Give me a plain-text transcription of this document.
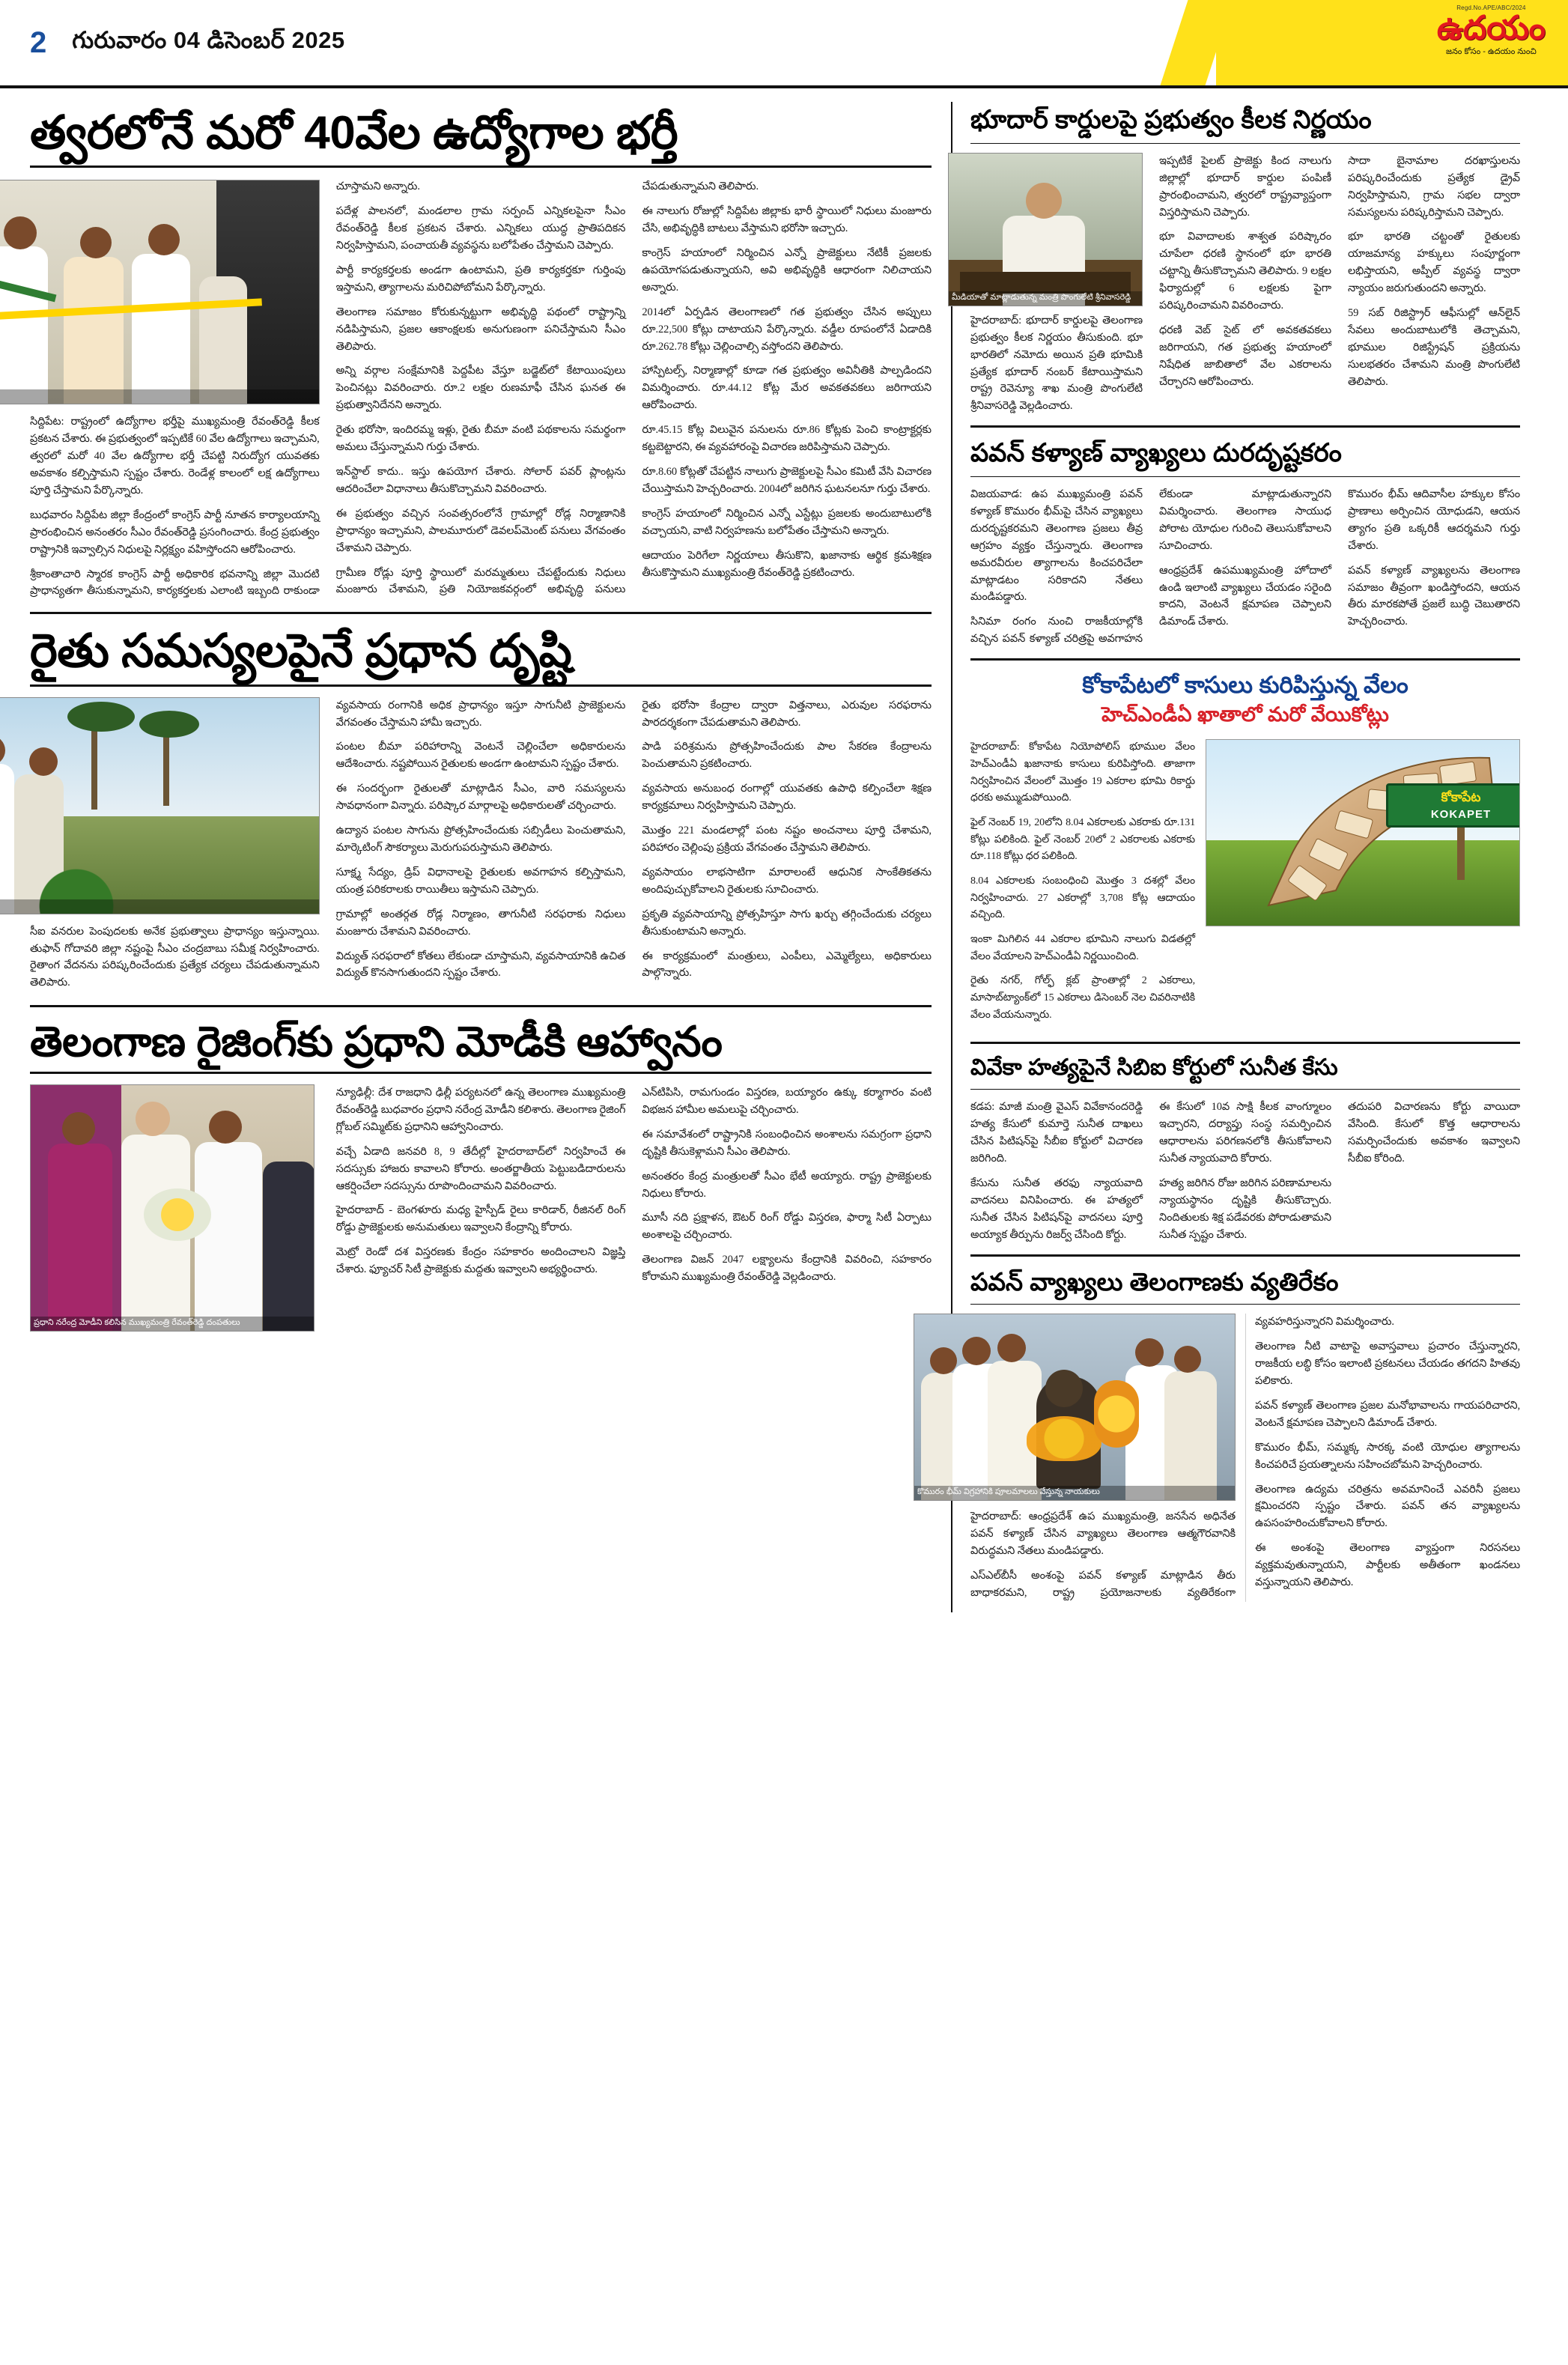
2 గురువారం 04 డిసెంబర్ 2025
Regd.No.APE/ABC/2024
ఉదయం
జనం కోసం - ఉదయం నుంచి
త్వరలోనే మరో 40వేల ఉద్యోగాల భర్తీ

సిద్దిపేట: రాష్ట్రంలో ఉద్యోగాల భర్తీపై ముఖ్యమంత్రి రేవంత్‌రెడ్డి కీలక ప్రకటన చేశారు. ఈ ప్రభుత్వంలో ఇప్పటికే 60 వేల ఉద్యోగాలు ఇచ్చామని, త్వరలో మరో 40 వేల ఉద్యోగాల భర్తీ చేపట్టి నిరుద్యోగ యువతకు అవకాశం కల్పిస్తామని స్పష్టం చేశారు. రెండేళ్ల కాలంలో లక్ష ఉద్యోగాలు పూర్తి చేస్తామని పేర్కొన్నారు.

బుధవారం సిద్దిపేట జిల్లా కేంద్రంలో కాంగ్రెస్ పార్టీ నూతన కార్యాలయాన్ని ప్రారంభించిన అనంతరం సీఎం రేవంత్‌రెడ్డి ప్రసంగించారు. కేంద్ర ప్రభుత్వం రాష్ట్రానికి ఇవ్వాల్సిన నిధులపై నిర్లక్ష్యం వహిస్తోందని ఆరోపించారు.

శ్రీకాంతాచారి స్మారక కాంగ్రెస్ పార్టీ అధికారిక భవనాన్ని జిల్లా మొదటి ప్రాధాన్యతగా తీసుకున్నామని, కార్యకర్తలకు ఎలాంటి ఇబ్బంది రాకుండా చూస్తామని అన్నారు.

పదేళ్ల పాలనలో, మండలాల గ్రామ సర్పంచ్ ఎన్నికలపైనా సీఎం రేవంత్‌రెడ్డి కీలక ప్రకటన చేశారు. ఎన్నికలు యుద్ధ ప్రాతిపదికన నిర్వహిస్తామని, పంచాయతీ వ్యవస్థను బలోపేతం చేస్తామని చెప్పారు.

పార్టీ కార్యకర్తలకు అండగా ఉంటామని, ప్రతి కార్యకర్తకూ గుర్తింపు ఇస్తామని, త్యాగాలను మరిచిపోబోమని పేర్కొన్నారు.

తెలంగాణ సమాజం కోరుకున్నట్టుగా అభివృద్ధి పథంలో రాష్ట్రాన్ని నడిపిస్తామని, ప్రజల ఆకాంక్షలకు అనుగుణంగా పనిచేస్తామని సీఎం తెలిపారు.

అన్ని వర్గాల సంక్షేమానికి పెద్దపీట వేస్తూ బడ్జెట్‌లో కేటాయింపులు పెంచినట్లు వివరించారు. రూ.2 లక్షల రుణమాఫీ చేసిన ఘనత ఈ ప్రభుత్వానిదేనని అన్నారు.

రైతు భరోసా, ఇందిరమ్మ ఇళ్లు, రైతు బీమా వంటి పథకాలను సమర్థంగా అమలు చేస్తున్నామని గుర్తు చేశారు.

ఇన్‌స్టాల్ కాదు.. ఇస్తు ఉపయోగ చేశారు. సోలార్ పవర్ ప్లాంట్లను ఆదరించేలా విధానాలు తీసుకొచ్చామని వివరించారు.

ఈ ప్రభుత్వం వచ్చిన సంవత్సరంలోనే గ్రామాల్లో రోడ్ల నిర్మాణానికి ప్రాధాన్యం ఇచ్చామని, పాలమూరులో డెవలప్‌మెంట్ పనులు వేగవంతం చేశామని చెప్పారు.

గ్రామీణ రోడ్లు పూర్తి స్థాయిలో మరమ్మతులు చేపట్టేందుకు నిధులు మంజూరు చేశామని, ప్రతి నియోజకవర్గంలో అభివృద్ధి పనులు చేపడుతున్నామని తెలిపారు.

ఈ నాలుగు రోజుల్లో సిద్దిపేట జిల్లాకు భారీ స్థాయిలో నిధులు మంజూరు చేసి, అభివృద్ధికి బాటలు వేస్తామని భరోసా ఇచ్చారు.

కాంగ్రెస్ హయాంలో నిర్మించిన ఎన్నో ప్రాజెక్టులు నేటికీ ప్రజలకు ఉపయోగపడుతున్నాయని, అవి అభివృద్ధికి ఆధారంగా నిలిచాయని అన్నారు.

2014లో ఏర్పడిన తెలంగాణలో గత ప్రభుత్వం చేసిన అప్పులు రూ.22,500 కోట్లు దాటాయని పేర్కొన్నారు. వడ్డీల రూపంలోనే ఏడాదికి రూ.262.78 కోట్లు చెల్లించాల్సి వస్తోందని తెలిపారు.

హాస్పిటల్స్, నిర్మాణాల్లో కూడా గత ప్రభుత్వం అవినీతికి పాల్పడిందని విమర్శించారు. రూ.44.12 కోట్ల మేర అవకతవకలు జరిగాయని ఆరోపించారు.

రూ.45.15 కోట్ల విలువైన పనులను రూ.86 కోట్లకు పెంచి కాంట్రాక్టర్లకు కట్టబెట్టారని, ఈ వ్యవహారంపై విచారణ జరిపిస్తామని చెప్పారు.

రూ.8.60 కోట్లతో చేపట్టిన నాలుగు ప్రాజెక్టులపై సీఎం కమిటీ వేసి విచారణ చేయిస్తామని హెచ్చరించారు. 2004లో జరిగిన ఘటనలనూ గుర్తు చేశారు.

కాంగ్రెస్ హయాంలో నిర్మించిన ఎన్నో ఎస్టేట్లు ప్రజలకు అందుబాటులోకి వచ్చాయని, వాటి నిర్వహణను బలోపేతం చేస్తామని అన్నారు.

ఆదాయం పెరిగేలా నిర్ణయాలు తీసుకొని, ఖజానాకు ఆర్థిక క్రమశిక్షణ తీసుకొస్తామని ముఖ్యమంత్రి రేవంత్‌రెడ్డి ప్రకటించారు.

రైతు సమస్యలపైనే ప్రధాన దృష్టి

సీఐ వనరుల పెంపుదలకు అనేక ప్రభుత్వాలు ప్రాధాన్యం ఇస్తున్నాయి. తుఫాన్ గోదావరి జిల్లా నష్టంపై సీఎం చంద్రబాబు సమీక్ష నిర్వహించారు. రైతాంగ వేదనను పరిష్కరించేందుకు ప్రత్యేక చర్యలు చేపడుతున్నామని తెలిపారు.

వ్యవసాయ రంగానికి అధిక ప్రాధాన్యం ఇస్తూ సాగునీటి ప్రాజెక్టులను వేగవంతం చేస్తామని హామీ ఇచ్చారు.

పంటల బీమా పరిహారాన్ని వెంటనే చెల్లించేలా అధికారులను ఆదేశించారు. నష్టపోయిన రైతులకు అండగా ఉంటామని స్పష్టం చేశారు.

ఈ సందర్భంగా రైతులతో మాట్లాడిన సీఎం, వారి సమస్యలను సావధానంగా విన్నారు. పరిష్కార మార్గాలపై అధికారులతో చర్చించారు.

ఉద్యాన పంటల సాగును ప్రోత్సహించేందుకు సబ్సిడీలు పెంచుతామని, మార్కెటింగ్ సౌకర్యాలు మెరుగుపరుస్తామని తెలిపారు.

సూక్ష్మ సేద్యం, డ్రిప్ విధానాలపై రైతులకు అవగాహన కల్పిస్తామని, యంత్ర పరికరాలకు రాయితీలు ఇస్తామని చెప్పారు.

గ్రామాల్లో అంతర్గత రోడ్ల నిర్మాణం, తాగునీటి సరఫరాకు నిధులు మంజూరు చేశామని వివరించారు.

విద్యుత్ సరఫరాలో కోతలు లేకుండా చూస్తామని, వ్యవసాయానికి ఉచిత విద్యుత్ కొనసాగుతుందని స్పష్టం చేశారు.

రైతు భరోసా కేంద్రాల ద్వారా విత్తనాలు, ఎరువుల సరఫరాను పారదర్శకంగా చేపడుతామని తెలిపారు.

పాడి పరిశ్రమను ప్రోత్సహించేందుకు పాల సేకరణ కేంద్రాలను పెంచుతామని ప్రకటించారు.

వ్యవసాయ అనుబంధ రంగాల్లో యువతకు ఉపాధి కల్పించేలా శిక్షణ కార్యక్రమాలు నిర్వహిస్తామని చెప్పారు.

మొత్తం 221 మండలాల్లో పంట నష్టం అంచనాలు పూర్తి చేశామని, పరిహారం చెల్లింపు ప్రక్రియ వేగవంతం చేస్తామని తెలిపారు.

వ్యవసాయం లాభసాటిగా మారాలంటే ఆధునిక సాంకేతికతను అందిపుచ్చుకోవాలని రైతులకు సూచించారు.

ప్రకృతి వ్యవసాయాన్ని ప్రోత్సహిస్తూ సాగు ఖర్చు తగ్గించేందుకు చర్యలు తీసుకుంటామని అన్నారు.

ఈ కార్యక్రమంలో మంత్రులు, ఎంపీలు, ఎమ్మెల్యేలు, అధికారులు పాల్గొన్నారు.

తెలంగాణ రైజింగ్‌కు ప్రధాని మోడీకి ఆహ్వానం
ప్రధాని నరేంద్ర మోడీని కలిసిన ముఖ్యమంత్రి రేవంత్‌రెడ్డి దంపతులు

న్యూఢిల్లీ: దేశ రాజధాని ఢిల్లీ పర్యటనలో ఉన్న తెలంగాణ ముఖ్యమంత్రి రేవంత్‌రెడ్డి బుధవారం ప్రధాని నరేంద్ర మోడీని కలిశారు. తెలంగాణ రైజింగ్ గ్లోబల్ సమ్మిట్‌కు ప్రధానిని ఆహ్వానించారు.

వచ్చే ఏడాది జనవరి 8, 9 తేదీల్లో హైదరాబాద్‌లో నిర్వహించే ఈ సదస్సుకు హాజరు కావాలని కోరారు. అంతర్జాతీయ పెట్టుబడిదారులను ఆకర్షించేలా సదస్సును రూపొందించామని వివరించారు.

హైదరాబాద్ - బెంగళూరు మధ్య హైస్పీడ్ రైలు కారిడార్, రీజినల్ రింగ్ రోడ్డు ప్రాజెక్టులకు అనుమతులు ఇవ్వాలని కేంద్రాన్ని కోరారు.

మెట్రో రెండో దశ విస్తరణకు కేంద్రం సహకారం అందించాలని విజ్ఞప్తి చేశారు. ఫ్యూచర్ సిటీ ప్రాజెక్టుకు మద్దతు ఇవ్వాలని అభ్యర్థించారు.

ఎన్‌టిపిసి, రామగుండం విస్తరణ, బయ్యారం ఉక్కు కర్మాగారం వంటి విభజన హామీల అమలుపై చర్చించారు.

ఈ సమావేశంలో రాష్ట్రానికి సంబంధించిన అంశాలను సమగ్రంగా ప్రధాని దృష్టికి తీసుకెళ్లామని సీఎం తెలిపారు.

అనంతరం కేంద్ర మంత్రులతో సీఎం భేటీ అయ్యారు. రాష్ట్ర ప్రాజెక్టులకు నిధులు కోరారు.

మూసీ నది ప్రక్షాళన, ఔటర్ రింగ్ రోడ్డు విస్తరణ, ఫార్మా సిటీ ఏర్పాటు అంశాలపై చర్చించారు.

తెలంగాణ విజన్ 2047 లక్ష్యాలను కేంద్రానికి వివరించి, సహకారం కోరామని ముఖ్యమంత్రి రేవంత్‌రెడ్డి వెల్లడించారు.

భూదార్ కార్డులపై ప్రభుత్వం కీలక నిర్ణయం
మీడియాతో మాట్లాడుతున్న మంత్రి పొంగులేటి శ్రీనివాసరెడ్డి

హైదరాబాద్: భూదార్ కార్డులపై తెలంగాణ ప్రభుత్వం కీలక నిర్ణయం తీసుకుంది. భూ భారతిలో నమోదు అయిన ప్రతి భూమికి ప్రత్యేక భూదార్ నంబర్ కేటాయిస్తామని రాష్ట్ర రెవెన్యూ శాఖ మంత్రి పొంగులేటి శ్రీనివాసరెడ్డి వెల్లడించారు.

ఇప్పటికే పైలట్ ప్రాజెక్టు కింద నాలుగు జిల్లాల్లో భూదార్ కార్డుల పంపిణీ ప్రారంభించామని, త్వరలో రాష్ట్రవ్యాప్తంగా విస్తరిస్తామని చెప్పారు.

భూ వివాదాలకు శాశ్వత పరిష్కారం చూపేలా ధరణి స్థానంలో భూ భారతి చట్టాన్ని తీసుకొచ్చామని తెలిపారు. 9 లక్షల ఫిర్యాదుల్లో 6 లక్షలకు పైగా పరిష్కరించామని వివరించారు.

ధరణి వెబ్ సైట్ లో అవకతవకలు జరిగాయని, గత ప్రభుత్వ హయాంలో నిషేధిత జాబితాలో వేల ఎకరాలను చేర్చారని ఆరోపించారు.

సాదా బైనామాల దరఖాస్తులను పరిష్కరించేందుకు ప్రత్యేక డ్రైవ్ నిర్వహిస్తామని, గ్రామ సభల ద్వారా సమస్యలను పరిష్కరిస్తామని చెప్పారు.

భూ భారతి చట్టంతో రైతులకు యాజమాన్య హక్కులు సంపూర్ణంగా లభిస్తాయని, అప్పీల్ వ్యవస్థ ద్వారా న్యాయం జరుగుతుందని అన్నారు.

59 సబ్ రిజిస్ట్రార్ ఆఫీసుల్లో ఆన్‌లైన్ సేవలు అందుబాటులోకి తెచ్చామని, భూముల రిజిస్ట్రేషన్ ప్రక్రియను సులభతరం చేశామని మంత్రి పొంగులేటి తెలిపారు.

పవన్ కళ్యాణ్ వ్యాఖ్యలు దురదృష్టకరం

విజయవాడ: ఉప ముఖ్యమంత్రి పవన్ కళ్యాణ్ కొమురం భీమ్‌పై చేసిన వ్యాఖ్యలు దురదృష్టకరమని తెలంగాణ ప్రజలు తీవ్ర ఆగ్రహం వ్యక్తం చేస్తున్నారు. తెలంగాణ అమరవీరుల త్యాగాలను కించపరిచేలా మాట్లాడటం సరికాదని నేతలు మండిపడ్డారు.

సినిమా రంగం నుంచి రాజకీయాల్లోకి వచ్చిన పవన్ కళ్యాణ్ చరిత్రపై అవగాహన లేకుండా మాట్లాడుతున్నారని విమర్శించారు. తెలంగాణ సాయుధ పోరాట యోధుల గురించి తెలుసుకోవాలని సూచించారు.

ఆంధ్రప్రదేశ్ ఉపముఖ్యమంత్రి హోదాలో ఉండి ఇలాంటి వ్యాఖ్యలు చేయడం సరైంది కాదని, వెంటనే క్షమాపణ చెప్పాలని డిమాండ్ చేశారు.

కొమురం భీమ్ ఆదివాసీల హక్కుల కోసం ప్రాణాలు అర్పించిన యోధుడని, ఆయన త్యాగం ప్రతి ఒక్కరికీ ఆదర్శమని గుర్తు చేశారు.

పవన్ కళ్యాణ్ వ్యాఖ్యలను తెలంగాణ సమాజం తీవ్రంగా ఖండిస్తోందని, ఆయన తీరు మారకపోతే ప్రజలే బుద్ధి చెబుతారని హెచ్చరించారు.

కోకాపేటలో కాసులు కురిపిస్తున్న వేలం
హెచ్ఎండీఏ ఖాతాలో మరో వేయికోట్లు

హైదరాబాద్: కోకాపేట నియోపోలిస్ భూముల వేలం హెచ్ఎండీఏ ఖజానాకు కాసులు కురిపిస్తోంది. తాజాగా నిర్వహించిన వేలంలో మొత్తం 19 ఎకరాల భూమి రికార్డు ధరకు అమ్ముడుపోయింది.

ఫైల్ నెంబర్ 19, 20లోని 8.04 ఎకరాలకు ఎకరాకు రూ.131 కోట్లు పలికింది. ఫైల్ నెంబర్ 20లో 2 ఎకరాలకు ఎకరాకు రూ.118 కోట్లు ధర పలికింది.

8.04 ఎకరాలకు సంబంధించి మొత్తం 3 దశల్లో వేలం నిర్వహించారు. 27 ఎకరాల్లో 3,708 కోట్ల ఆదాయం వచ్చింది.

ఇంకా మిగిలిన 44 ఎకరాల భూమిని నాలుగు విడతల్లో వేలం వేయాలని హెచ్ఎండీఏ నిర్ణయించింది.

రైతు నగర్, గోల్ఫ్ క్లబ్ ప్రాంతాల్లో 2 ఎకరాలు, మాసాబ్‌ట్యాంక్‌లో 15 ఎకరాలు డిసెంబర్ నెల చివరినాటికి వేలం వేయనున్నారు.

కోకాపేట
KOKAPET
వివేకా హత్యపైనే సిబిఐ కోర్టులో సునీత కేసు

కడప: మాజీ మంత్రి వైఎస్ వివేకానందరెడ్డి హత్య కేసులో కుమార్తె సునీత దాఖలు చేసిన పిటిషన్‌పై సీబీఐ కోర్టులో విచారణ జరిగింది.

కేసును సునీత తరఫు న్యాయవాది వాదనలు వినిపించారు. ఈ హత్యలో సునీత చేసిన పిటిషన్‌పై వాదనలు పూర్తి అయ్యాక తీర్పును రిజర్వ్ చేసింది కోర్టు.

ఈ కేసులో 10వ సాక్షి కీలక వాంగ్మూలం ఇచ్చారని, దర్యాప్తు సంస్థ సమర్పించిన ఆధారాలను పరిగణనలోకి తీసుకోవాలని సునీత న్యాయవాది కోరారు.

హత్య జరిగిన రోజు జరిగిన పరిణామాలను న్యాయస్థానం దృష్టికి తీసుకొచ్చారు. నిందితులకు శిక్ష పడేవరకు పోరాడుతామని సునీత స్పష్టం చేశారు.

తదుపరి విచారణను కోర్టు వాయిదా వేసింది. కేసులో కొత్త ఆధారాలను సమర్పించేందుకు అవకాశం ఇవ్వాలని సీబీఐ కోరింది.

పవన్ వ్యాఖ్యలు తెలంగాణకు వ్యతిరేకం
కొమురం భీమ్ విగ్రహానికి పూలమాలలు వేస్తున్న నాయకులు

హైదరాబాద్: ఆంధ్రప్రదేశ్ ఉప ముఖ్యమంత్రి, జనసేన అధినేత పవన్ కళ్యాణ్ చేసిన వ్యాఖ్యలు తెలంగాణ ఆత్మగౌరవానికి విరుద్ధమని నేతలు మండిపడ్డారు.

ఎస్‌ఎల్‌బీసీ అంశంపై పవన్ కళ్యాణ్ మాట్లాడిన తీరు బాధాకరమని, రాష్ట్ర ప్రయోజనాలకు వ్యతిరేకంగా వ్యవహరిస్తున్నారని విమర్శించారు.

తెలంగాణ నీటి వాటాపై అవాస్తవాలు ప్రచారం చేస్తున్నారని, రాజకీయ లబ్ధి కోసం ఇలాంటి ప్రకటనలు చేయడం తగదని హితవు పలికారు.

పవన్ కళ్యాణ్ తెలంగాణ ప్రజల మనోభావాలను గాయపరిచారని, వెంటనే క్షమాపణ చెప్పాలని డిమాండ్ చేశారు.

కొమురం భీమ్, సమ్మక్క సారక్క వంటి యోధుల త్యాగాలను కించపరిచే ప్రయత్నాలను సహించబోమని హెచ్చరించారు.

తెలంగాణ ఉద్యమ చరిత్రను అవమానించే ఎవరినీ ప్రజలు క్షమించరని స్పష్టం చేశారు. పవన్ తన వ్యాఖ్యలను ఉపసంహరించుకోవాలని కోరారు.

ఈ అంశంపై తెలంగాణ వ్యాప్తంగా నిరసనలు వ్యక్తమవుతున్నాయని, పార్టీలకు అతీతంగా ఖండనలు వస్తున్నాయని తెలిపారు.
